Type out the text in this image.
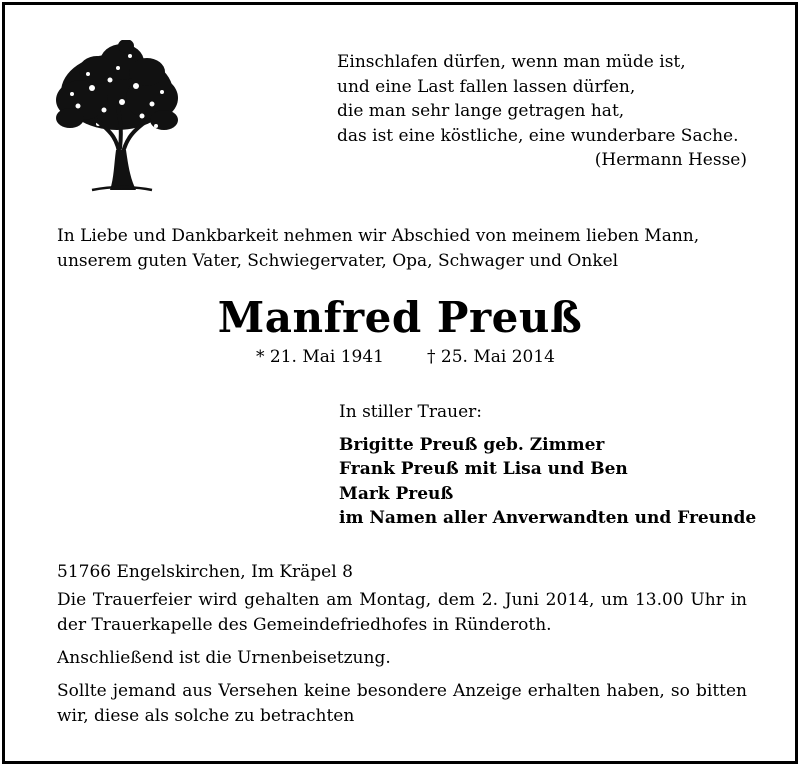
Einschlafen dürfen, wenn man müde ist,
und eine Last fallen lassen dürfen,
die man sehr lange getragen hat,
das ist eine köstliche, eine wunderbare Sache.
(Hermann Hesse)
In Liebe und Dankbarkeit nehmen wir Abschied von meinem lieben Mann, unserem guten Vater, Schwiegervater, Opa, Schwager und Onkel
Manfred Preuß
* 21. Mai 1941	† 25. Mai 2014
In stiller Trauer:
Brigitte Preuß geb. Zimmer
Frank Preuß mit Lisa und Ben
Mark Preuß
im Namen aller Anverwandten und Freunde

51766 Engelskirchen, Im Kräpel 8

Die Trauerfeier wird gehalten am Montag, dem 2. Juni 2014, um 13.00 Uhr in der Trauerkapelle des Gemeindefriedhofes in Ründeroth.

Anschließend ist die Urnenbeisetzung.

Sollte jemand aus Versehen keine besondere Anzeige erhalten haben, so bitten wir, diese als solche zu betrachten
